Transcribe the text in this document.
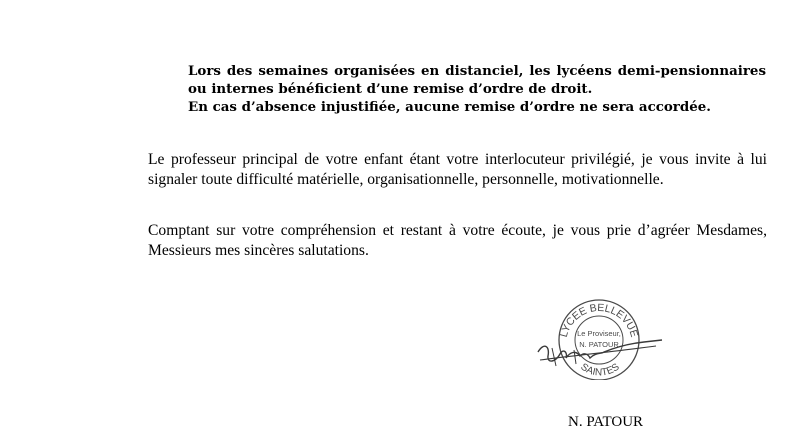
Lors des semaines organisées en distanciel, les lycéens demi-pensionnaires ou internes bénéficient d’une remise d’ordre de droit.

En cas d’absence injustifiée, aucune remise d’ordre ne sera accordée.

Le professeur principal de votre enfant étant votre interlocuteur privilégié, je vous invite à lui signaler toute difficulté matérielle, organisationnelle, personnelle, motivationnelle.

Comptant sur votre compréhension et restant à votre écoute, je vous prie d’agréer Mesdames, Messieurs mes sincères salutations.

LYCEE BELLEVUE
SAINTES
Le Proviseur,
N. PATOUR
N. PATOUR
